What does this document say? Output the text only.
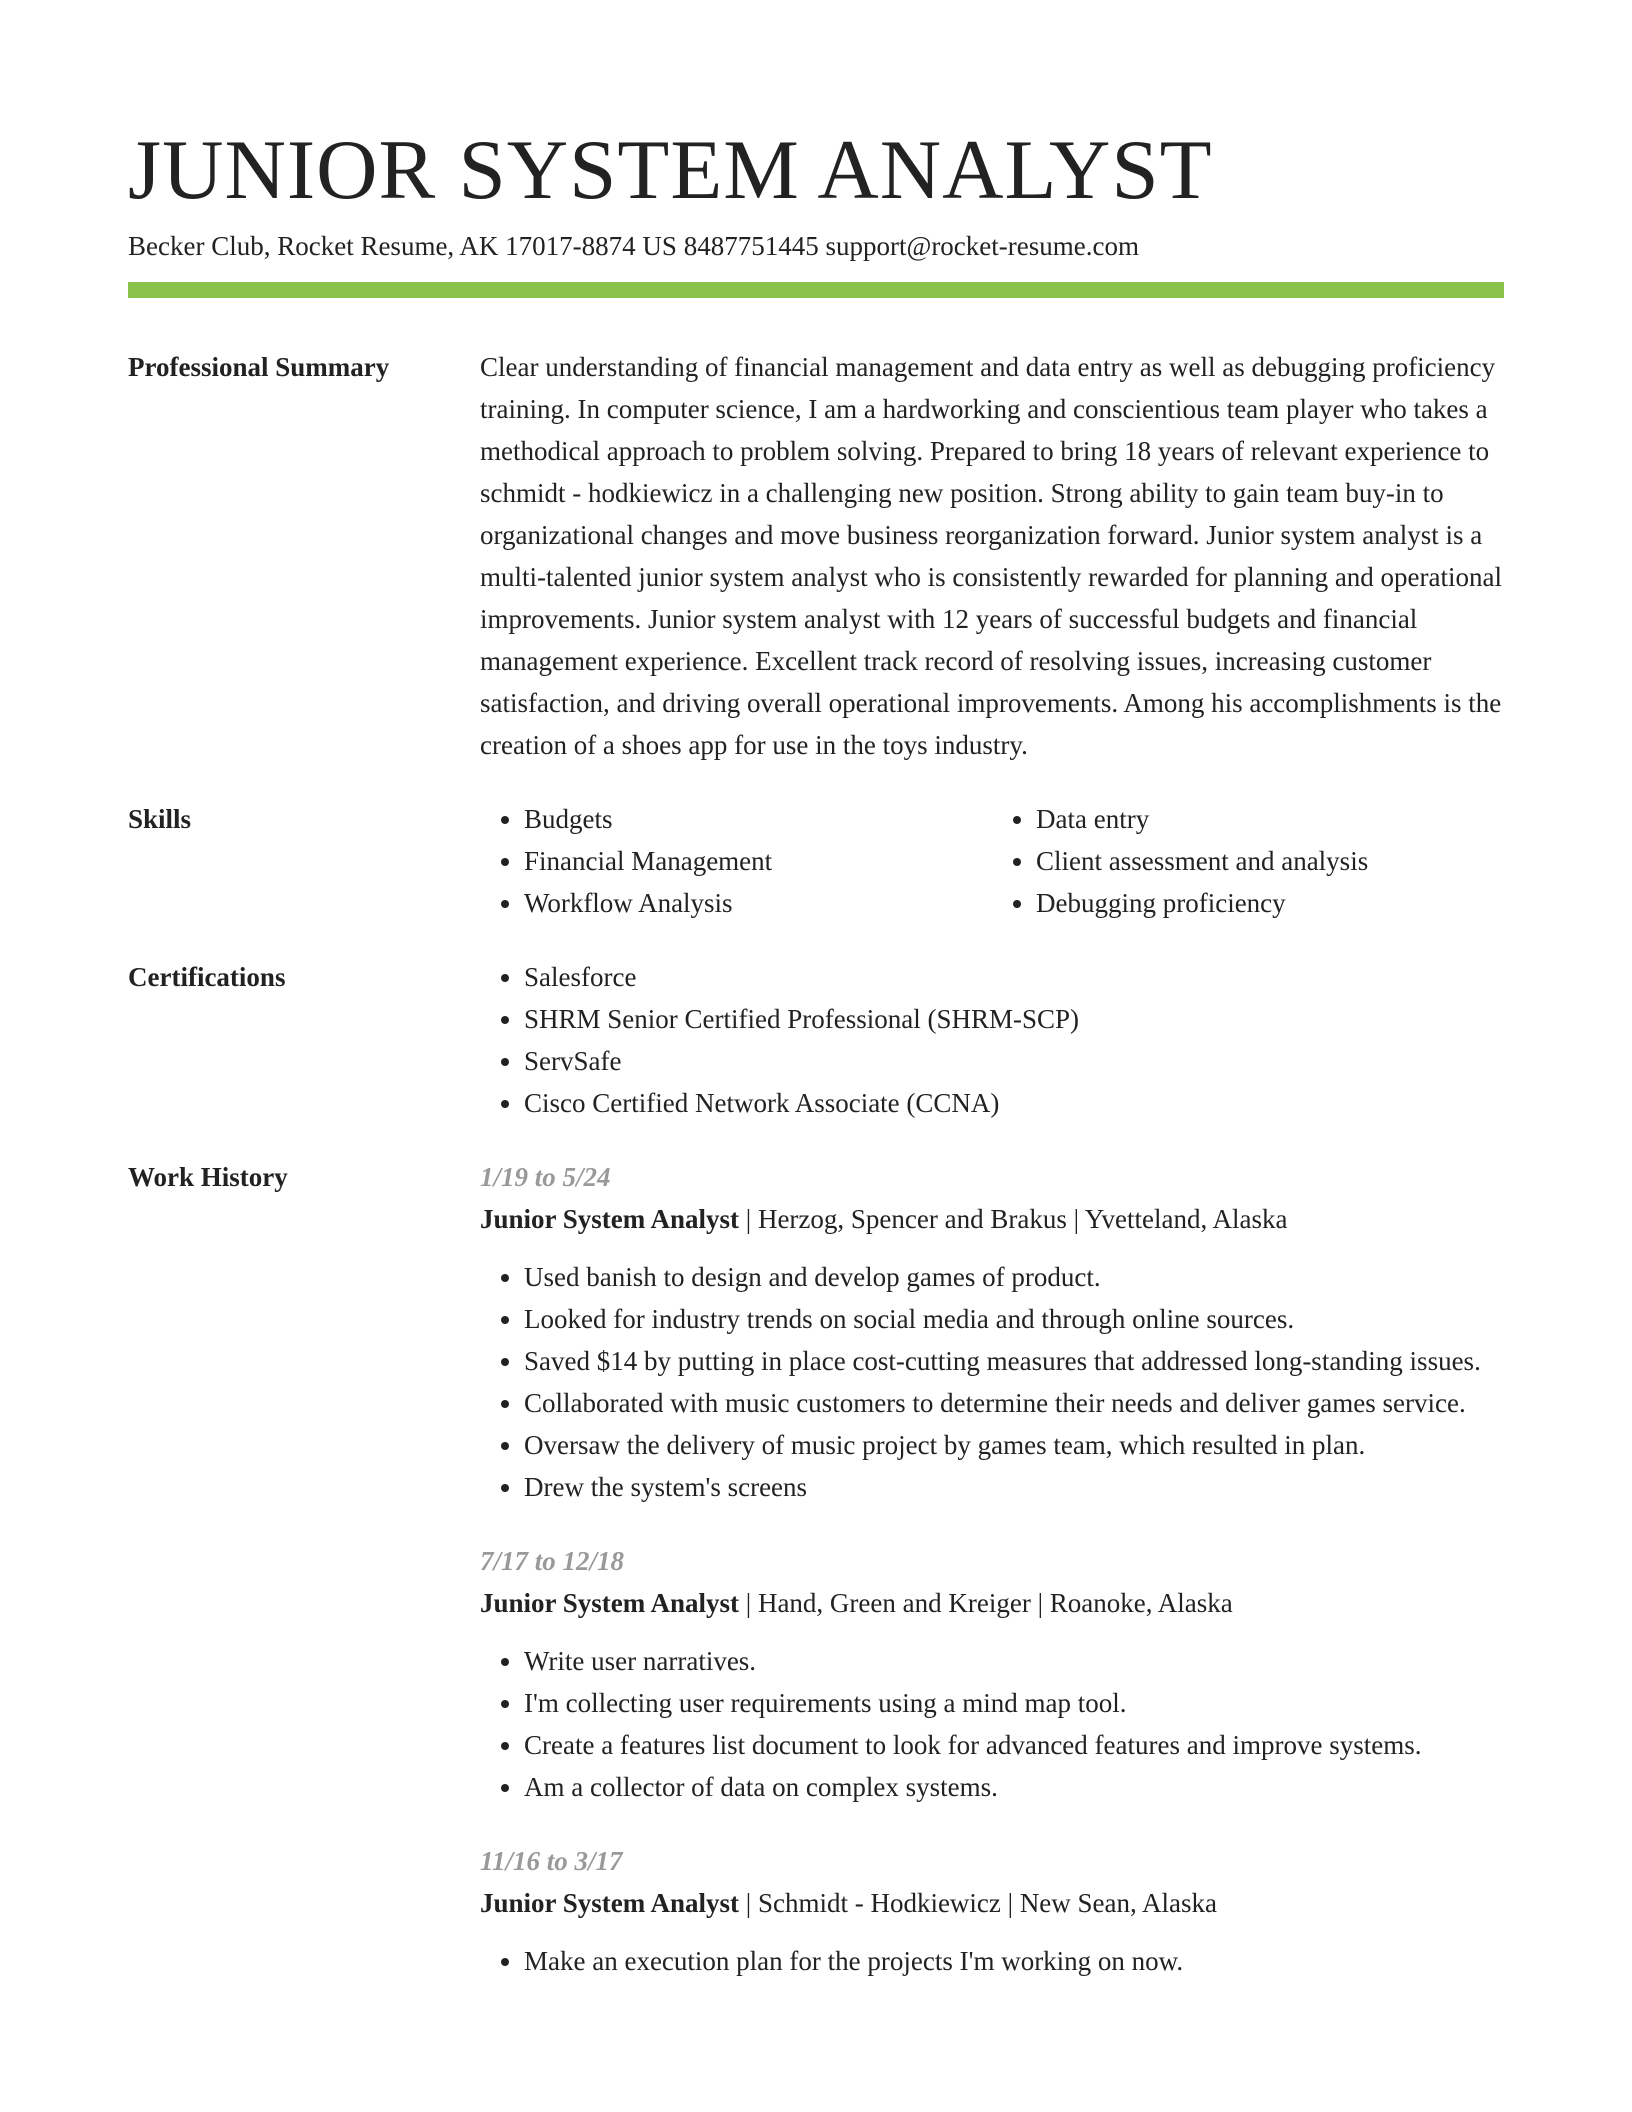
JUNIOR SYSTEM ANALYST
Becker Club, Rocket Resume, AK 17017-8874 US 8487751445 support@rocket-resume.com
Professional Summary	Clear understanding of financial management and data entry as well as debugging proficiency training. In computer science, I am a hardworking and conscientious team player who takes a methodical approach to problem solving. Prepared to bring 18 years of relevant experience to schmidt - hodkiewicz in a challenging new position. Strong ability to gain team buy-in to organizational changes and move business reorganization forward. Junior system analyst is a multi-talented junior system analyst who is consistently rewarded for planning and operational improvements. Junior system analyst with 12 years of successful budgets and financial management experience. Excellent track record of resolving issues, increasing customer satisfaction, and driving overall operational improvements. Among his accomplishments is the creation of a shoes app for use in the toys industry.

Skills	• Budgets
• Financial Management
• Workflow Analysis
• Data entry
• Client assessment and analysis
• Debugging proficiency
Certifications	• Salesforce
• SHRM Senior Certified Professional (SHRM-SCP)
• ServSafe
• Cisco Certified Network Associate (CCNA)
Work History	1/19 to 5/24
Junior System Analyst | Herzog, Spencer and Brakus | Yvetteland, Alaska
• Used banish to design and develop games of product.
• Looked for industry trends on social media and through online sources.
• Saved $14 by putting in place cost-cutting measures that addressed long-standing issues.
• Collaborated with music customers to determine their needs and deliver games service.
• Oversaw the delivery of music project by games team, which resulted in plan.
• Drew the system's screens
7/17 to 12/18
Junior System Analyst | Hand, Green and Kreiger | Roanoke, Alaska
• Write user narratives.
• I'm collecting user requirements using a mind map tool.
• Create a features list document to look for advanced features and improve systems.
• Am a collector of data on complex systems.
11/16 to 3/17
Junior System Analyst | Schmidt - Hodkiewicz | New Sean, Alaska
• Make an execution plan for the projects I'm working on now.
